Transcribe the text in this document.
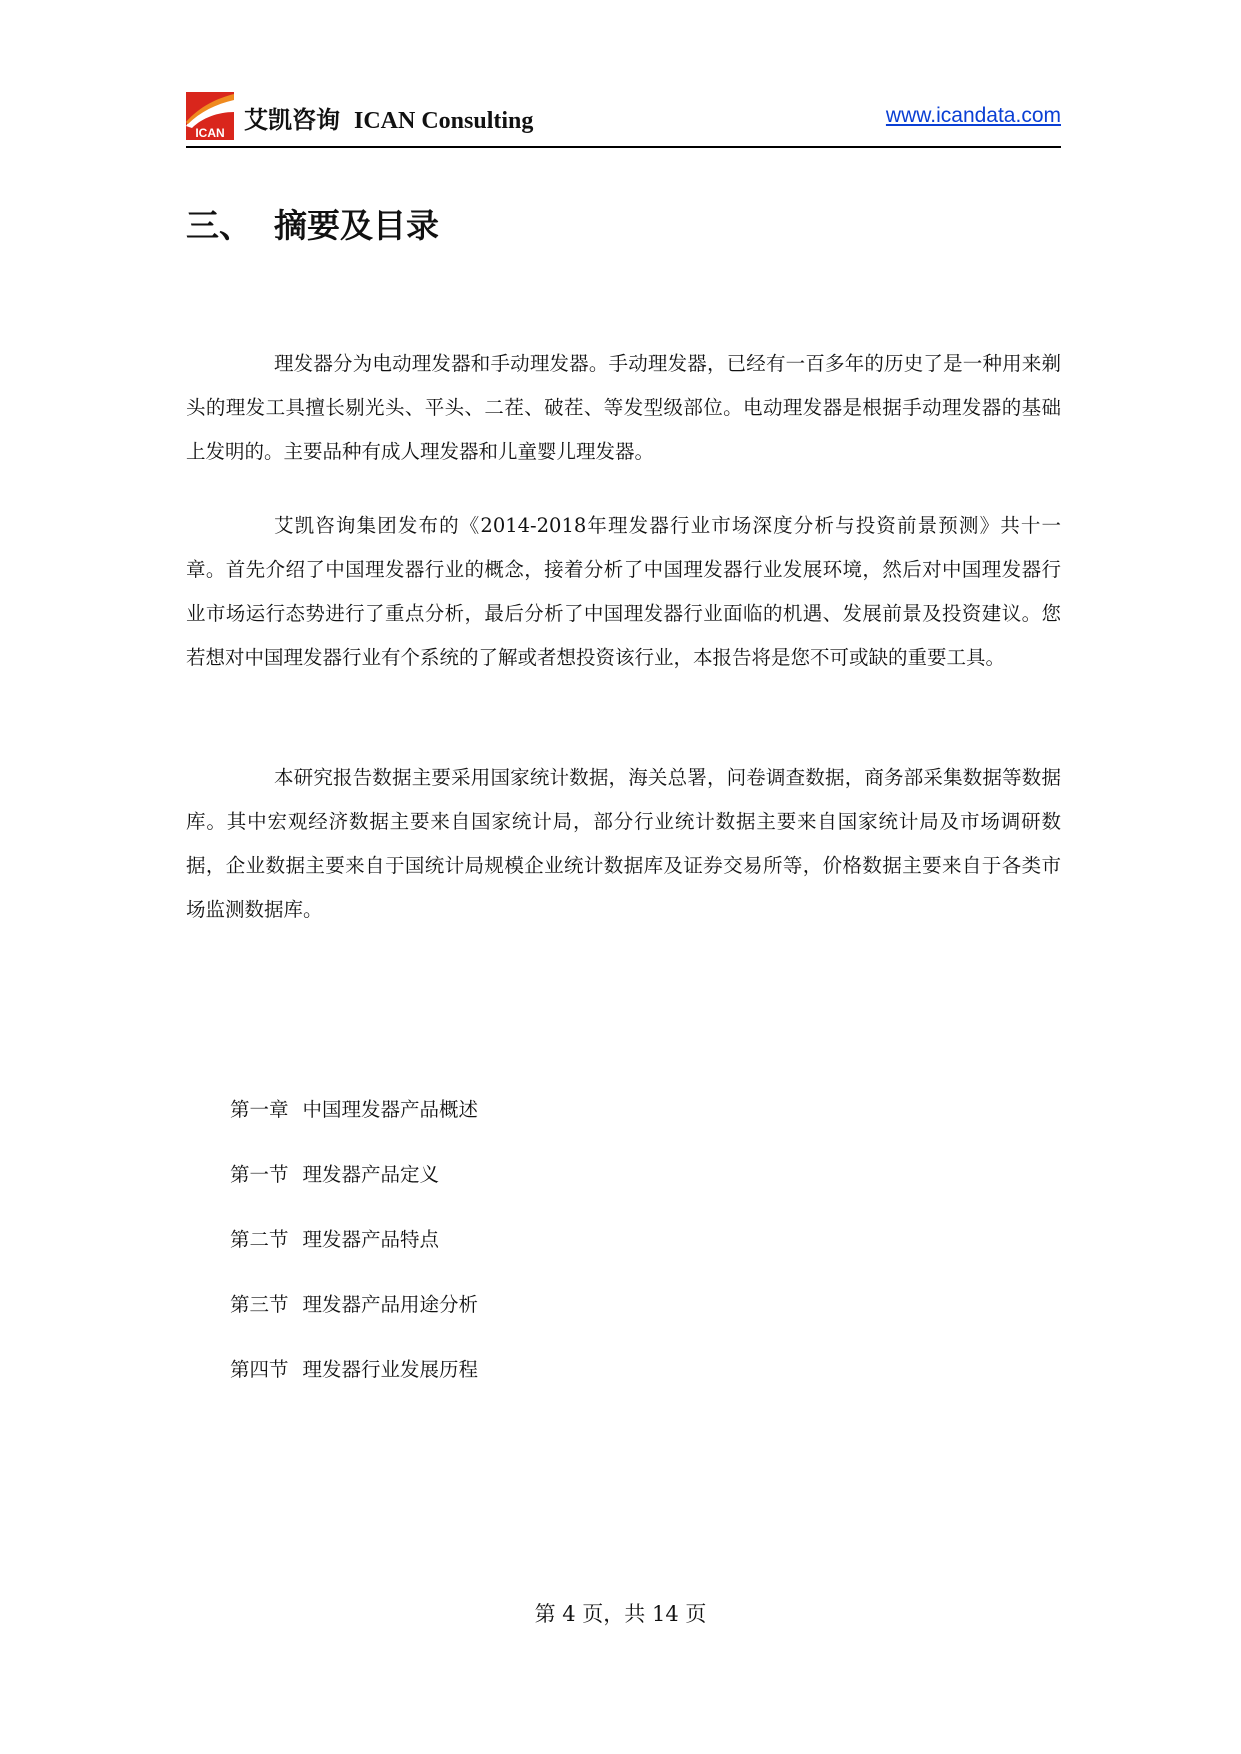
ICAN 艾凯咨询 ICAN Consulting	www.icandata.com
三、 摘要及目录

理发器分为电动理发器和手动理发器。手动理发器，已经有一百多年的历史了是一种用来剃头的理发工具擅长剔光头、平头、二茬、破茬、等发型级部位。电动理发器是根据手动理发器的基础上发明的。主要品种有成人理发器和儿童婴儿理发器。

艾凯咨询集团发布的《2014-2018年理发器行业市场深度分析与投资前景预测》共十一章。首先介绍了中国理发器行业的概念，接着分析了中国理发器行业发展环境，然后对中国理发器行业市场运行态势进行了重点分析，最后分析了中国理发器行业面临的机遇、发展前景及投资建议。您若想对中国理发器行业有个系统的了解或者想投资该行业，本报告将是您不可或缺的重要工具。

本研究报告数据主要采用国家统计数据，海关总署，问卷调查数据，商务部采集数据等数据库。其中宏观经济数据主要来自国家统计局，部分行业统计数据主要来自国家统计局及市场调研数据，企业数据主要来自于国统计局规模企业统计数据库及证券交易所等，价格数据主要来自于各类市场监测数据库。

第一章 中国理发器产品概述
第一节 理发器产品定义
第二节 理发器产品特点
第三节 理发器产品用途分析
第四节 理发器行业发展历程
第 4 页，共 14 页
